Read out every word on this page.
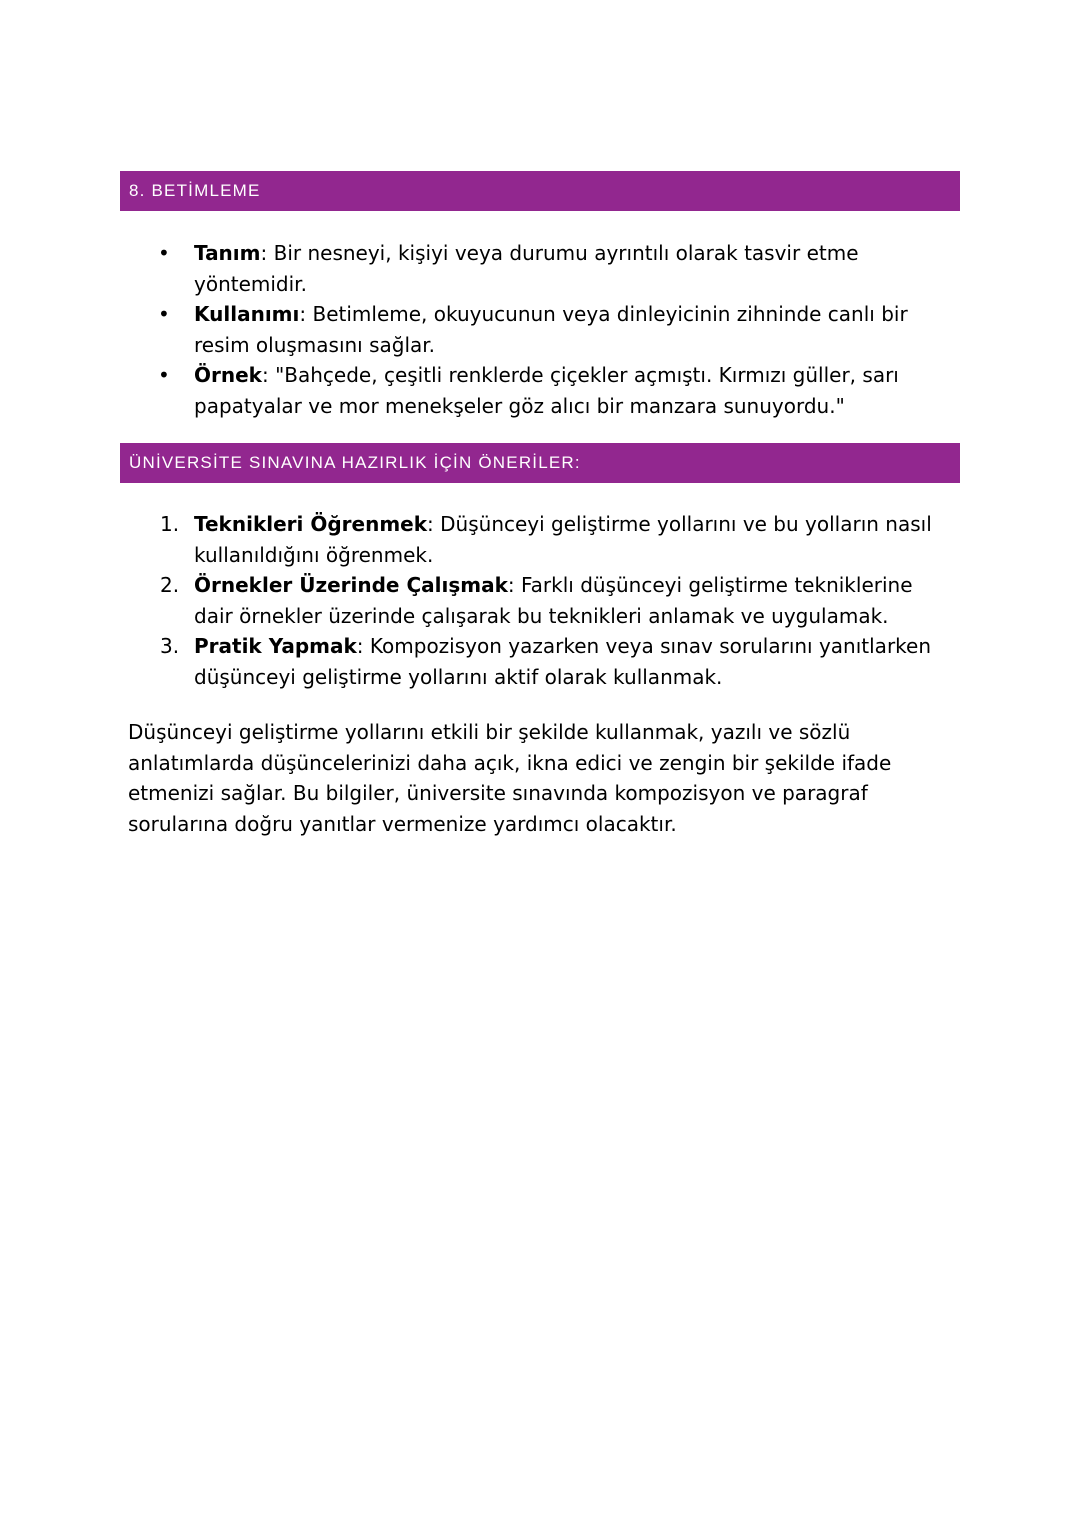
8. BETİMLEME
• Tanım: Bir nesneyi, kişiyi veya durumu ayrıntılı olarak tasvir etme yöntemidir.
• Kullanımı: Betimleme, okuyucunun veya dinleyicinin zihninde canlı bir resim oluşmasını sağlar.
• Örnek: "Bahçede, çeşitli renklerde çiçekler açmıştı. Kırmızı güller, sarı papatyalar ve mor menekşeler göz alıcı bir manzara sunuyordu."
ÜNİVERSİTE SINAVINA HAZIRLIK İÇİN ÖNERİLER:
1. Teknikleri Öğrenmek: Düşünceyi geliştirme yollarını ve bu yolların nasıl kullanıldığını öğrenmek.
2. Örnekler Üzerinde Çalışmak: Farklı düşünceyi geliştirme tekniklerine dair örnekler üzerinde çalışarak bu teknikleri anlamak ve uygulamak.
3. Pratik Yapmak: Kompozisyon yazarken veya sınav sorularını yanıtlarken düşünceyi geliştirme yollarını aktif olarak kullanmak.

Düşünceyi geliştirme yollarını etkili bir şekilde kullanmak, yazılı ve sözlü anlatımlarda düşüncelerinizi daha açık, ikna edici ve zengin bir şekilde ifade etmenizi sağlar. Bu bilgiler, üniversite sınavında kompozisyon ve paragraf sorularına doğru yanıtlar vermenize yardımcı olacaktır.
